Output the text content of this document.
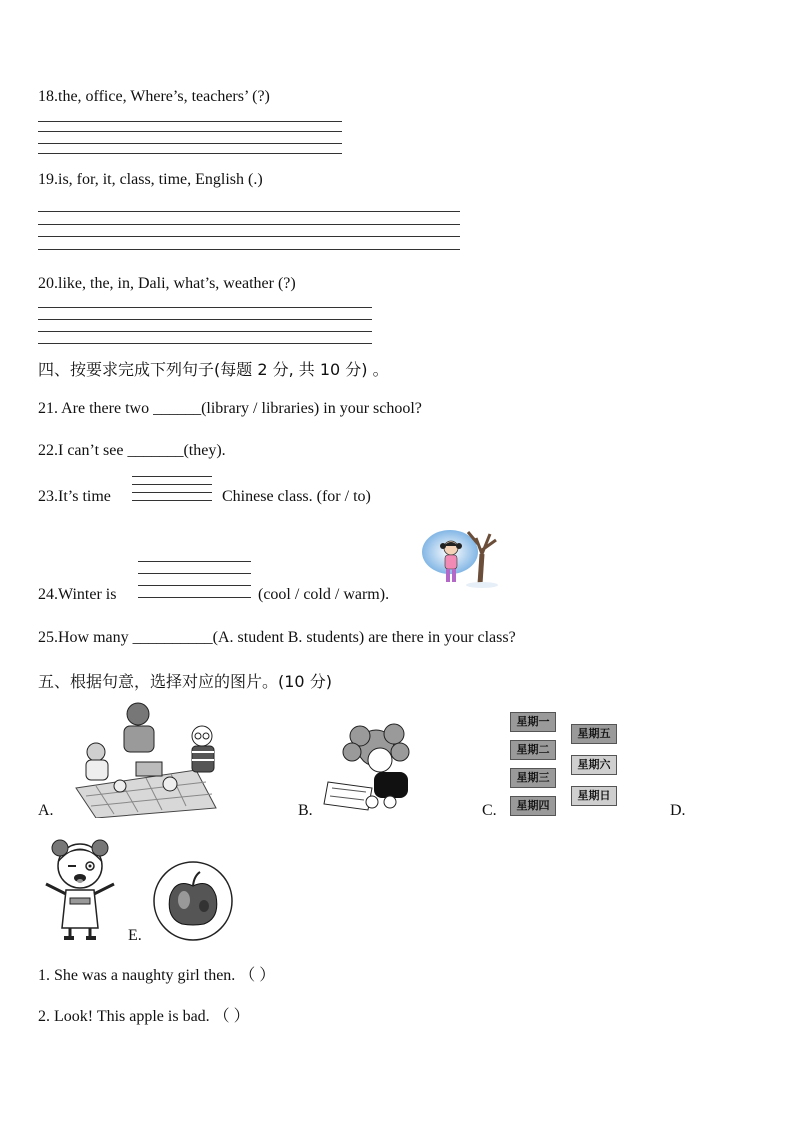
18.the, office, Where’s, teachers’ (?)
19.is, for, it, class, time, English (.)
20.like, the, in, Dali, what’s, weather (?)
四、按要求完成下列句子(每题 2 分, 共 10 分) 。
21. Are there two ______(library / libraries) in your school?
22.I can’t see _______(they).
23.It’s time	Chinese class. (for / to)
24.Winter is	(cool / cold / warm).
25.How many __________(A. student B. students) are there in your class?
五、根据句意，选择对应的图片。(10 分)
A.	B.
星期一
星期二
星期三
星期四
星期五
星期六
星期日
C.	D.
E.
1. She was a naughty girl then. （ ）
2. Look! This apple is bad. （ ）
